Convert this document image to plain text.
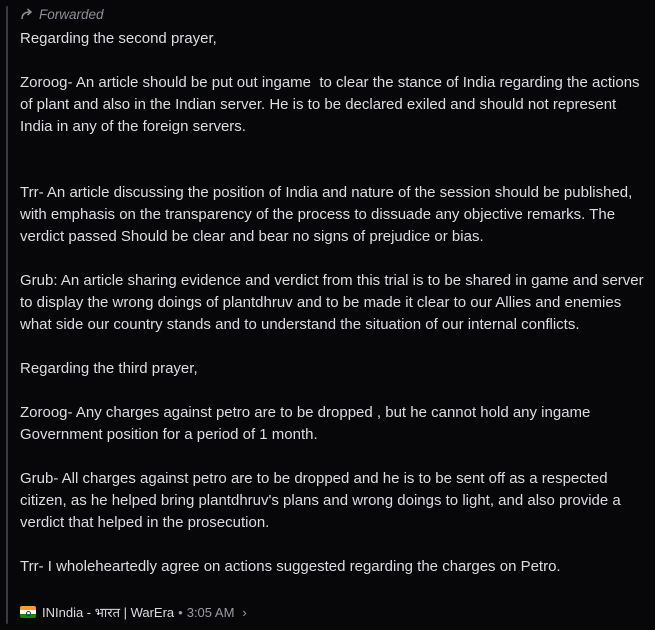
Forwarded

Regarding the second prayer,

Zoroog- An article should be put out ingame  to clear the stance of India regarding the actions of plant and also in the Indian server. He is to be declared exiled and should not represent India in any of the foreign servers.

Trr- An article discussing the position of India and nature of the session should be published, with emphasis on the transparency of the process to dissuade any objective remarks. The verdict passed Should be clear and bear no signs of prejudice or bias.

Grub: An article sharing evidence and verdict from this trial is to be shared in game and server to display the wrong doings of plantdhruv and to be made it clear to our Allies and enemies what side our country stands and to understand the situation of our internal conflicts.

Regarding the third prayer,

Zoroog- Any charges against petro are to be dropped , but he cannot hold any ingame Government position for a period of 1 month.

Grub- All charges against petro are to be dropped and he is to be sent off as a respected citizen, as he helped bring plantdhruv's plans and wrong doings to light, and also provide a verdict that helped in the prosecution.

Trr- I wholeheartedly agree on actions suggested regarding the charges on Petro.

INIndia - भारत | WarEra • 3:05 AM ›
